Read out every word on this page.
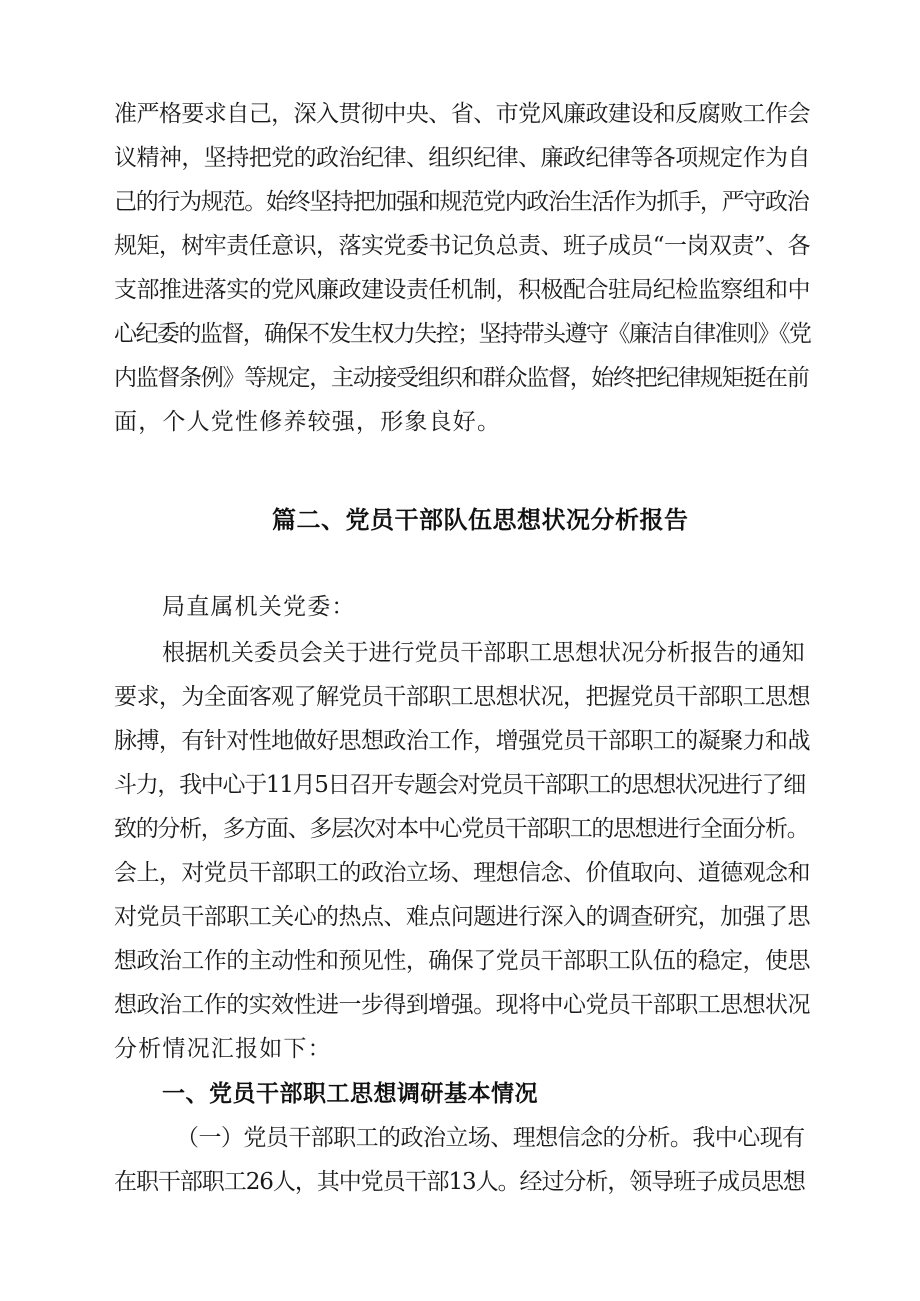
准严格要求自己，深入贯彻中央、省、市党风廉政建设和反腐败工作会
议精神，坚持把党的政治纪律、组织纪律、廉政纪律等各项规定作为自
己的行为规范。始终坚持把加强和规范党内政治生活作为抓手，严守政治
规矩，树牢责任意识，落实党委书记负总责、班子成员“一岗双责”、各
支部推进落实的党风廉政建设责任机制，积极配合驻局纪检监察组和中
心纪委的监督，确保不发生权力失控；坚持带头遵守《廉洁自律准则》《党
内监督条例》等规定，主动接受组织和群众监督，始终把纪律规矩挺在前
面，个人党性修养较强，形象良好。
篇二、党员干部队伍思想状况分析报告
局直属机关党委：
根据机关委员会关于进行党员干部职工思想状况分析报告的通知
要求，为全面客观了解党员干部职工思想状况，把握党员干部职工思想
脉搏，有针对性地做好思想政治工作，增强党员干部职工的凝聚力和战
斗力，我中心于11月5日召开专题会对党员干部职工的思想状况进行了细
致的分析，多方面、多层次对本中心党员干部职工的思想进行全面分析。
会上，对党员干部职工的政治立场、理想信念、价值取向、道德观念和
对党员干部职工关心的热点、难点问题进行深入的调查研究，加强了思
想政治工作的主动性和预见性，确保了党员干部职工队伍的稳定，使思
想政治工作的实效性进一步得到增强。现将中心党员干部职工思想状况
分析情况汇报如下：
一、党员干部职工思想调研基本情况
（一）党员干部职工的政治立场、理想信念的分析。我中心现有
在职干部职工26人，其中党员干部13人。经过分析，领导班子成员思想
